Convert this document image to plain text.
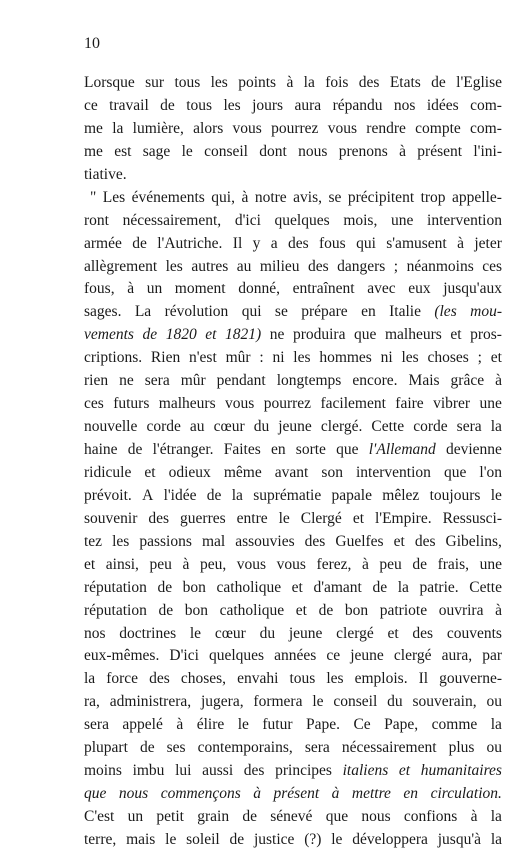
10
Lorsque sur tous les points à la fois des Etats de l'Eglise
ce travail de tous les jours aura répandu nos idées com-
me la lumière, alors vous pourrez vous rendre compte com-
me est sage le conseil dont nous prenons à présent l'ini-
tiative.
" Les événements qui, à notre avis, se précipitent trop appelle-
ront nécessairement, d'ici quelques mois, une intervention
armée de l'Autriche. Il y a des fous qui s'amusent à jeter
allègrement les autres au milieu des dangers ; néanmoins ces
fous, à un moment donné, entraînent avec eux jusqu'aux
sages. La révolution qui se prépare en Italie (les mou-
vements de 1820 et 1821) ne produira que malheurs et pros-
criptions. Rien n'est mûr : ni les hommes ni les choses ; et
rien ne sera mûr pendant longtemps encore. Mais grâce à
ces futurs malheurs vous pourrez facilement faire vibrer une
nouvelle corde au cœur du jeune clergé. Cette corde sera la
haine de l'étranger. Faites en sorte que l'Allemand devienne
ridicule et odieux même avant son intervention que l'on
prévoit. A l'idée de la suprématie papale mêlez toujours le
souvenir des guerres entre le Clergé et l'Empire. Ressusci-
tez les passions mal assouvies des Guelfes et des Gibelins,
et ainsi, peu à peu, vous vous ferez, à peu de frais, une
réputation de bon catholique et d'amant de la patrie. Cette
réputation de bon catholique et de bon patriote ouvrira à
nos doctrines le cœur du jeune clergé et des couvents
eux-mêmes. D'ici quelques années ce jeune clergé aura, par
la force des choses, envahi tous les emplois. Il gouverne-
ra, administrera, jugera, formera le conseil du souverain, ou
sera appelé à élire le futur Pape. Ce Pape, comme la
plupart de ses contemporains, sera nécessairement plus ou
moins imbu lui aussi des principes italiens et humanitaires
que nous commençons à présent à mettre en circulation.
C'est un petit grain de sénevé que nous confions à la
terre, mais le soleil de justice (?) le développera jusqu'à la
